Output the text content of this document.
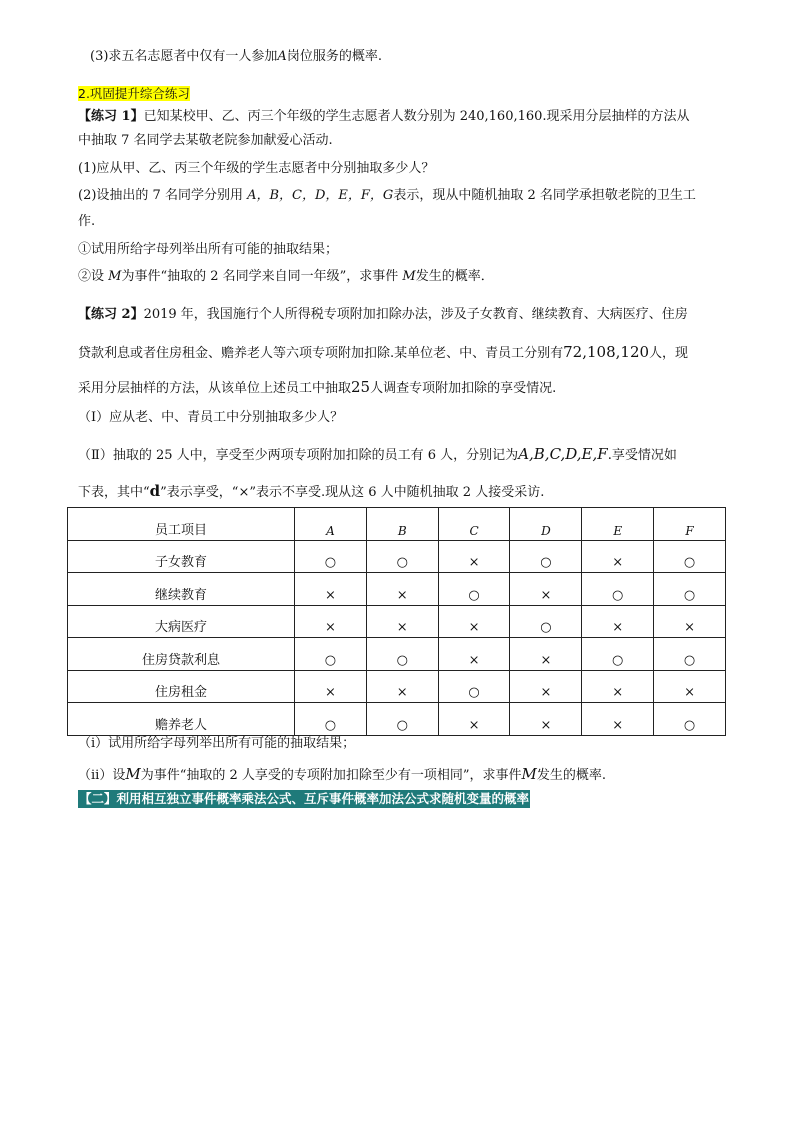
(3)求五名志愿者中仅有一人参加A岗位服务的概率.
2.巩固提升综合练习
【练习 1】已知某校甲、乙、丙三个年级的学生志愿者人数分别为 240,160,160.现采用分层抽样的方法从
中抽取 7 名同学去某敬老院参加献爱心活动.
(1)应从甲、乙、丙三个年级的学生志愿者中分别抽取多少人？
(2)设抽出的 7 名同学分别用 A，B，C，D，E，F，G表示，现从中随机抽取 2 名同学承担敬老院的卫生工
作.
①试用所给字母列举出所有可能的抽取结果；
②设 M为事件“抽取的 2 名同学来自同一年级”，求事件 M发生的概率．
【练习 2】2019 年，我国施行个人所得税专项附加扣除办法，涉及子女教育、继续教育、大病医疗、住房
贷款利息或者住房租金、赡养老人等六项专项附加扣除.某单位老、中、青员工分别有72,108,120人，现
采用分层抽样的方法，从该单位上述员工中抽取25人调查专项附加扣除的享受情况.
（Ⅰ）应从老、中、青员工中分别抽取多少人？
（Ⅱ）抽取的 25 人中，享受至少两项专项附加扣除的员工有 6 人，分别记为A,B,C,D,E,F.享受情况如
下表，其中“d”表示享受，“×”表示不享受.现从这 6 人中随机抽取 2 人接受采访.
员工项目	A	B	C	D	E	F
子女教育	○	○	×	○	×	○
继续教育	×	×	○	×	○	○
大病医疗	×	×	×	○	×	×
住房贷款利息	○	○	×	×	○	○
住房租金	×	×	○	×	×	×
赡养老人	○	○	×	×	×	○
（i）试用所给字母列举出所有可能的抽取结果；
（ii）设M为事件“抽取的 2 人享受的专项附加扣除至少有一项相同”，求事件M发生的概率.
【二】利用相互独立事件概率乘法公式、互斥事件概率加法公式求随机变量的概率
